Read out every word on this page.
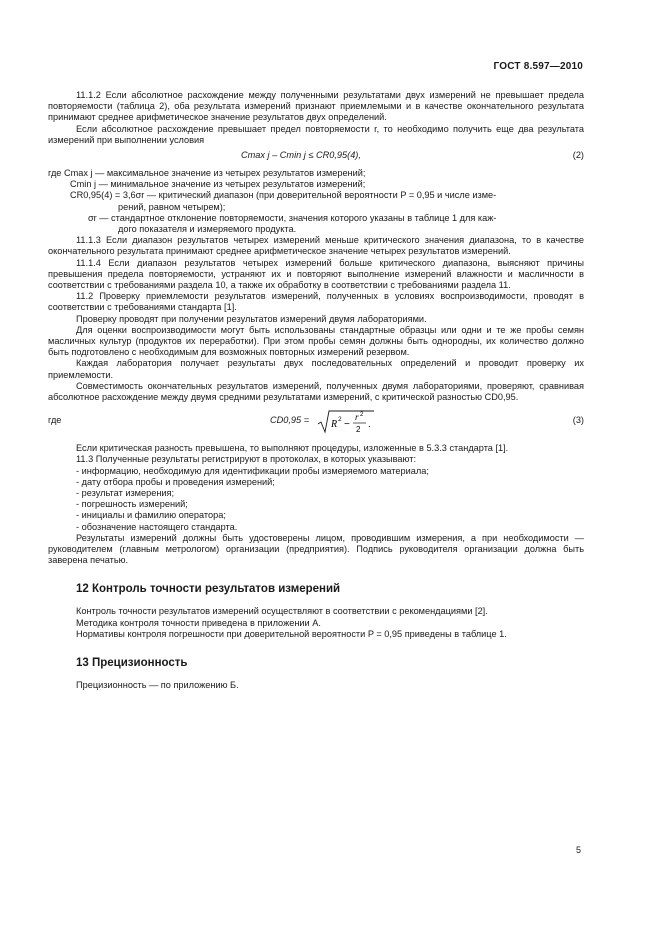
ГОСТ 8.597—2010

11.1.2 Если абсолютное расхождение между полученными результатами двух измерений не превышает предела повторяемости (таблица 2), оба результата измерений признают приемлемыми и в качестве окончательного результата принимают среднее арифметическое значение результатов двух определений.

Если абсолютное расхождение превышает предел повторяемости r, то необходимо получить еще два результата измерений при выполнении условия

Cmax j – Cmin j ≤ CR0,95(4),	(2)
где Cmax j — максимальное значение из четырех результатов измерений;
Cmin j — минимальное значение из четырех результатов измерений;
CR0,95(4) = 3,6σr — критический диапазон (при доверительной вероятности P = 0,95 и числе изме-
рений, равном четырем);
σr — стандартное отклонение повторяемости, значения которого указаны в таблице 1 для каж-
дого показателя и измеряемого продукта.

11.1.3 Если диапазон результатов четырех измерений меньше критического значения диапазона, то в качестве окончательного результата принимают среднее арифметическое значение четырех результатов измерений.

11.1.4 Если диапазон результатов четырех измерений больше критического диапазона, выясняют причины превышения предела повторяемости, устраняют их и повторяют выполнение измерений влажности и масличности в соответствии с требованиями раздела 10, а также их обработку в соответствии с требованиями раздела 11.

11.2 Проверку приемлемости результатов измерений, полученных в условиях воспроизводимости, проводят в соответствии с требованиями стандарта [1].

Проверку проводят при получении результатов измерений двумя лабораториями.

Для оценки воспроизводимости могут быть использованы стандартные образцы или одни и те же пробы семян масличных культур (продуктов их переработки). При этом пробы семян должны быть однородны, их количество должно быть подготовлено с необходимым для возможных повторных измерений резервом.

Каждая лаборатория получает результаты двух последовательных определений и проводит проверку их приемлемости.

Совместимость окончательных результатов измерений, полученных двумя лабораториями, проверяют, сравнивая абсолютное расхождение между двумя средними результатами измерений, с критической разностью CD0,95.

где	CD0,95 = R 2 −
r 2
2 .	(3)

Если критическая разность превышена, то выполняют процедуры, изложенные в 5.3.3 стандарта [1].

11.3 Полученные результаты регистрируют в протоколах, в которых указывают:

- информацию, необходимую для идентификации пробы измеряемого материала;
- дату отбора пробы и проведения измерений;
- результат измерения;
- погрешность измерений;
- инициалы и фамилию оператора;
- обозначение настоящего стандарта.

Результаты измерений должны быть удостоверены лицом, проводившим измерения, а при необходимости — руководителем (главным метрологом) организации (предприятия). Подпись руководителя организации должна быть заверена печатью.

12 Контроль точности результатов измерений

Контроль точности результатов измерений осуществляют в соответствии с рекомендациями [2].

Методика контроля точности приведена в приложении А.

Нормативы контроля погрешности при доверительной вероятности P = 0,95 приведены в таблице 1.

13 Прецизионность

Прецизионность — по приложению Б.

5
